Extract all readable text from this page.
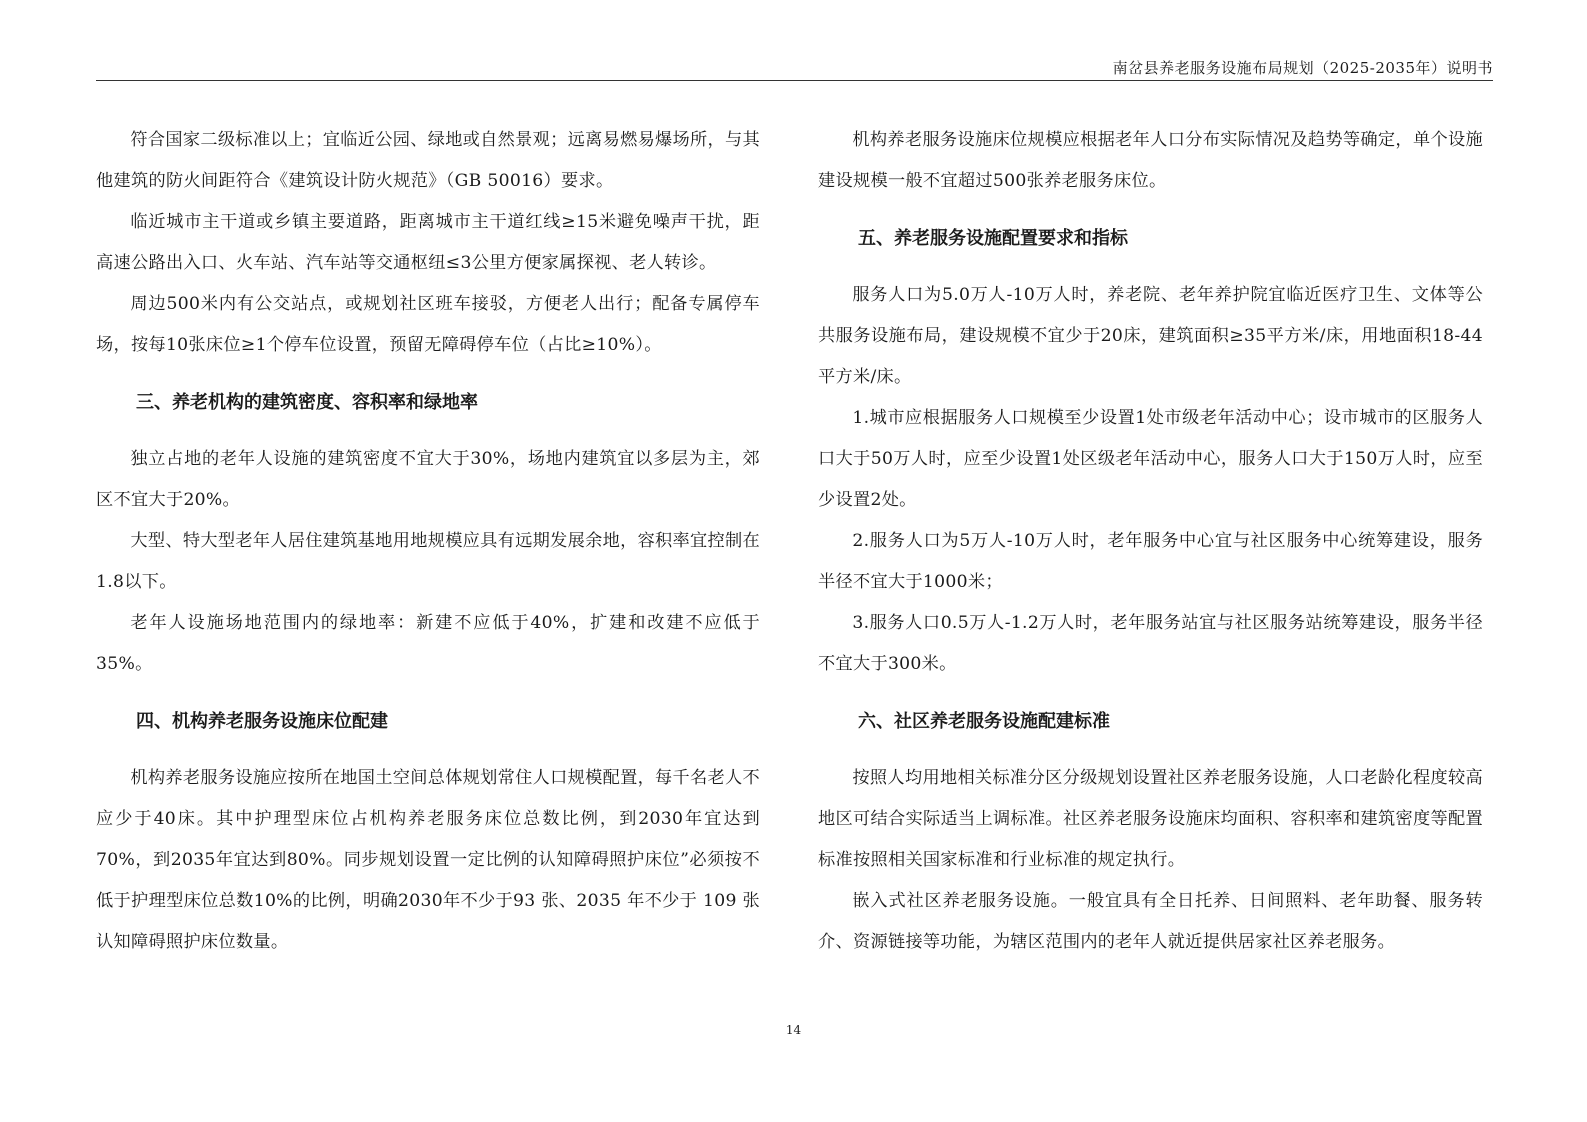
南岔县养老服务设施布局规划（2025-2035年）说明书

符合国家二级标准以上；宜临近公园、绿地或自然景观；远离易燃易爆场所，与其他建筑的防火间距符合《建筑设计防火规范》（GB 50016）要求。

临近城市主干道或乡镇主要道路，距离城市主干道红线≥15米避免噪声干扰，距高速公路出入口、火车站、汽车站等交通枢纽≤3公里方便家属探视、老人转诊。

周边500米内有公交站点，或规划社区班车接驳，方便老人出行；配备专属停车场，按每10张床位≥1个停车位设置，预留无障碍停车位（占比≥10%）。

三、养老机构的建筑密度、容积率和绿地率

独立占地的老年人设施的建筑密度不宜大于30%，场地内建筑宜以多层为主，郊区不宜大于20%。

大型、特大型老年人居住建筑基地用地规模应具有远期发展余地，容积率宜控制在1.8以下。

老年人设施场地范围内的绿地率：新建不应低于40%，扩建和改建不应低于35%。

四、机构养老服务设施床位配建

机构养老服务设施应按所在地国土空间总体规划常住人口规模配置，每千名老人不应少于40床。其中护理型床位占机构养老服务床位总数比例，到2030年宜达到70%，到2035年宜达到80%。同步规划设置一定比例的认知障碍照护床位”必须按不低于护理型床位总数10%的比例，明确2030年不少于93 张、2035 年不少于 109 张认知障碍照护床位数量。

机构养老服务设施床位规模应根据老年人口分布实际情况及趋势等确定，单个设施建设规模一般不宜超过500张养老服务床位。

五、养老服务设施配置要求和指标

服务人口为5.0万人-10万人时，养老院、老年养护院宜临近医疗卫生、文体等公共服务设施布局，建设规模不宜少于20床，建筑面积≥35平方米/床，用地面积18-44平方米/床。

1.城市应根据服务人口规模至少设置1处市级老年活动中心；设市城市的区服务人口大于50万人时，应至少设置1处区级老年活动中心，服务人口大于150万人时，应至少设置2处。

2.服务人口为5万人-10万人时，老年服务中心宜与社区服务中心统筹建设，服务半径不宜大于1000米；

3.服务人口0.5万人-1.2万人时，老年服务站宜与社区服务站统筹建设，服务半径不宜大于300米。

六、社区养老服务设施配建标准

按照人均用地相关标准分区分级规划设置社区养老服务设施，人口老龄化程度较高地区可结合实际适当上调标准。社区养老服务设施床均面积、容积率和建筑密度等配置标准按照相关国家标准和行业标准的规定执行。

嵌入式社区养老服务设施。一般宜具有全日托养、日间照料、老年助餐、服务转介、资源链接等功能，为辖区范围内的老年人就近提供居家社区养老服务。

14
